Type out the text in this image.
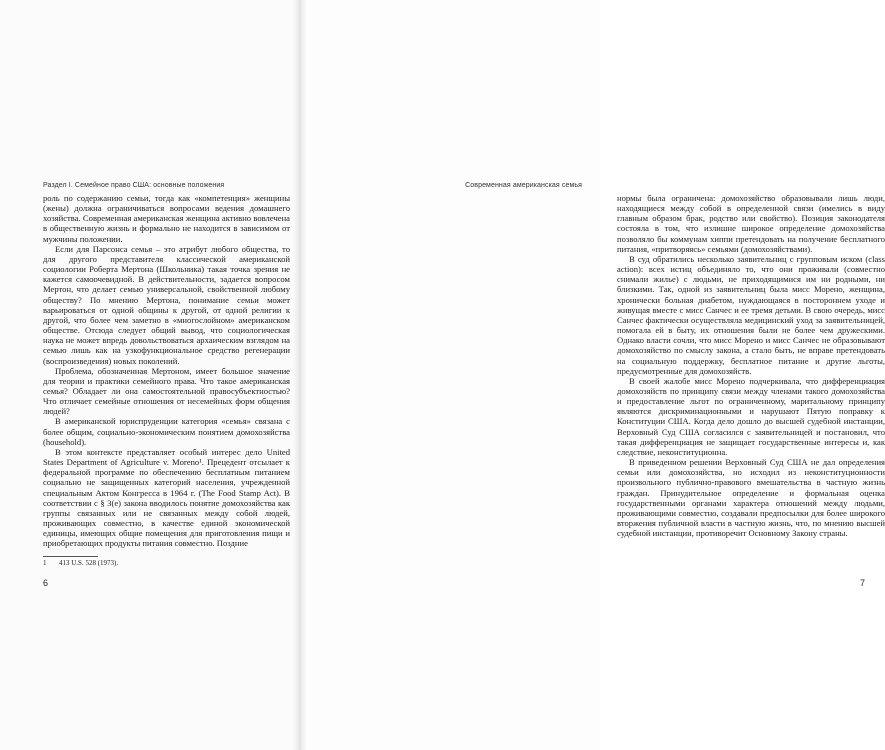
Раздел I. Семейное право США: основные положения

роль по содержанию семьи, тогда как «компетенция» женщины (жены) должна ограничиваться вопросами ведения домашнего хозяйства. Современная американская женщина активно вовлечена в общественную жизнь и формально не находится в зависимом от мужчины положении.

Если для Парсонса семья – это атрибут любого общества, то для другого представителя классической американской социологии Роберта Мертона (Школьника) такая точка зрения не кажется самоочевидной. В действительности, задается вопросом Мертон, что делает семью универсальной, свойственной любому обществу? По мнению Мертона, понимание семьи может варьироваться от одной общины к другой, от одной религии к другой, что более чем заметно в «многослойном» американском обществе. Отсюда следует общий вывод, что социологическая наука не может впредь довольствоваться архаическим взглядом на семью лишь как на узкофункциональное средство регенерации (воспроизведения) новых поколений.

Проблема, обозначенная Мертоном, имеет большое значение для теории и практики семейного права. Что такое американская семья? Обладает ли она самостоятельной правосубъектностью? Что отличает семейные отношения от несемейных форм общения людей?

В американской юриспруденции категория «семья» связана с более общим, социально-экономическим понятием домохозяйства (household).

В этом контексте представляет особый интерес дело United States Department of Agriculture v. Moreno¹. Прецедент отсылает к федеральной программе по обеспечению бесплатным питанием социально не защищенных категорий населения, учрежденной специальным Актом Конгресса в 1964 г. (The Food Stamp Act). В соответствии с § 3(е) закона вводилось понятие домохозяйства как группы связанных или не связанных между собой людей, проживающих совместно, в качестве единой экономической единицы, имеющих общие помещения для приготовления пищи и приобретающих продукты питания совместно. Поздние

1 413 U.S. 528 (1973).
6
Современная американская семья

нормы была ограничена: домохозяйство образовывали лишь люди, находящиеся между собой в определенной связи (имелись в виду главным образом брак, родство или свойство). Позиция законодателя состояла в том, что излишне широкое определение домохозяйства позволяло бы коммунам хиппи претендовать на получение бесплатного питания, «притворяясь» семьями (домохозяйствами).

В суд обратились несколько заявительниц с групповым иском (class action): всех истиц объединяло то, что они проживали (совместно снимали жилье) с людьми, не приходящимися им ни родными, ни близкими. Так, одной из заявительниц была мисс Морено, женщина, хронически больная диабетом, нуждающаяся в постороннем уходе и живущая вместе с мисс Санчес и ее тремя детьми. В свою очередь, мисс Санчес фактически осуществляла медицинский уход за заявительницей, помогала ей в быту, их отношения были не более чем дружескими. Однако власти сочли, что мисс Морено и мисс Санчес не образовывают домохозяйство по смыслу закона, а стало быть, не вправе претендовать на социальную поддержку, бесплатное питание и другие льготы, предусмотренные для домохозяйств.

В своей жалобе мисс Морено подчеркивала, что дифференциация домохозяйств по принципу связи между членами такого домохозяйства и предоставление льгот по ограниченному, маритальному принципу являются дискриминационными и нарушают Пятую поправку к Конституции США. Когда дело дошло до высшей судебной инстанции, Верховный Суд США согласился с заявительницей и постановил, что такая дифференциация не защищает государственные интересы и, как следствие, неконституционна.

В приведенном решении Верховный Суд США не дал определения семьи или домохозяйства, но исходил из неконституционности произвольного публично-правового вмешательства в частную жизнь граждан. Принудительное определение и формальная оценка государственными органами характера отношений между людьми, проживающими совместно, создавали предпосылки для более широкого вторжения публичной власти в частную жизнь, что, по мнению высшей судебной инстанции, противоречит Основному Закону страны.

7
